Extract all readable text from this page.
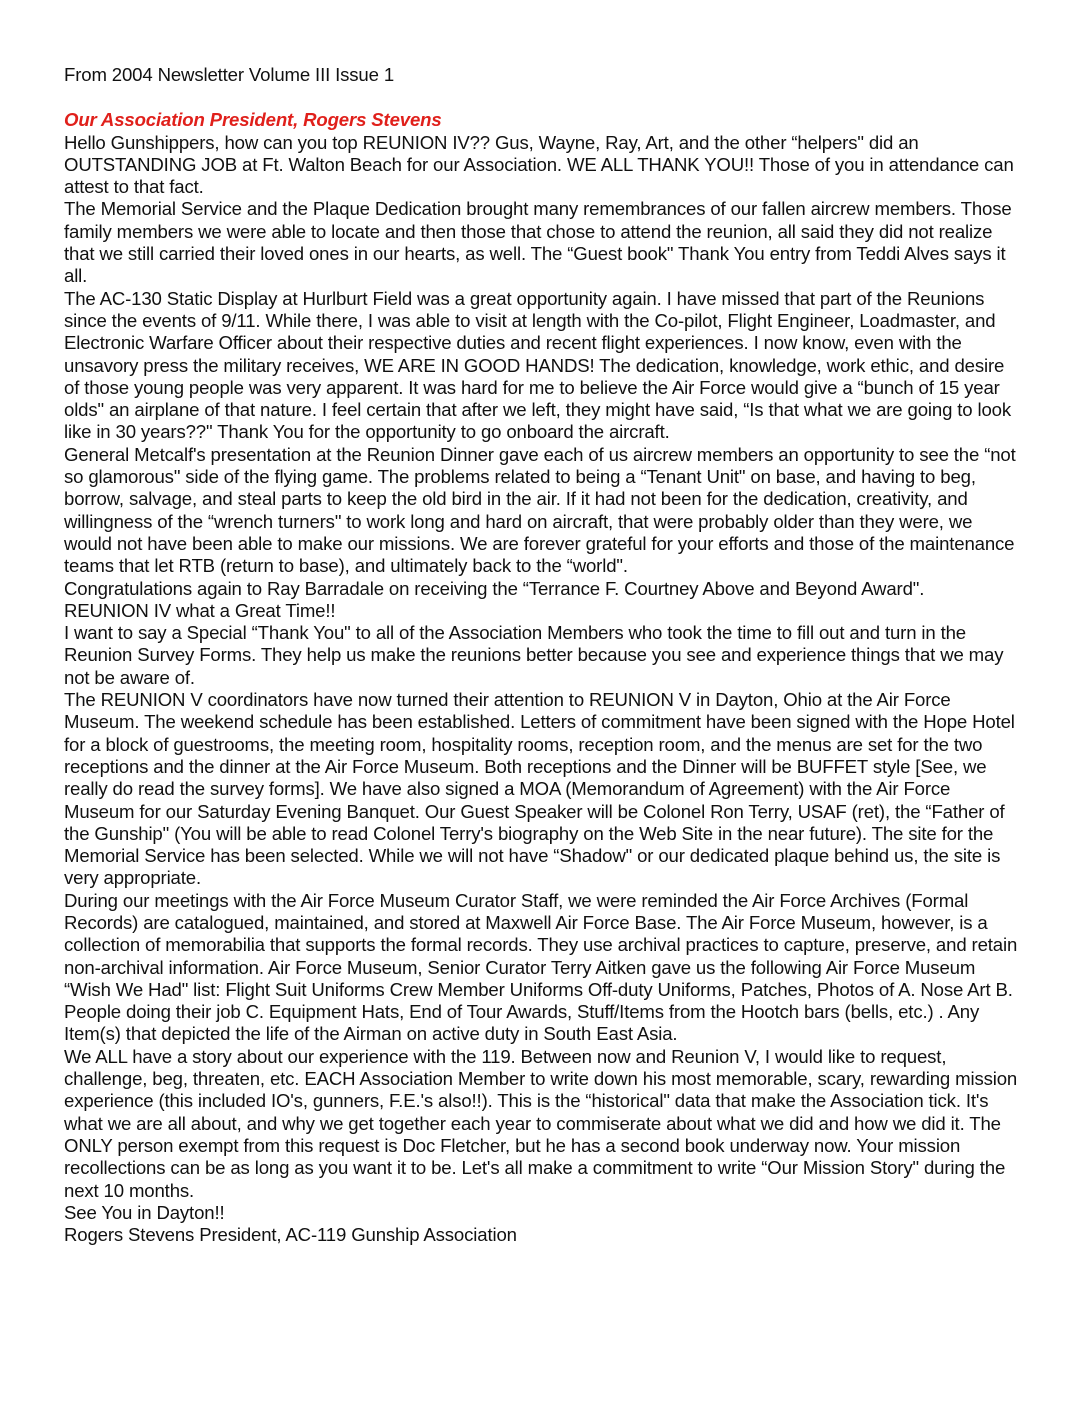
From 2004 Newsletter Volume III Issue 1

Our Association President, Rogers Stevens

Hello Gunshippers, how can you top REUNION IV?? Gus, Wayne, Ray, Art, and the other “helpers" did an OUTSTANDING JOB at Ft. Walton Beach for our Association. WE ALL THANK YOU!! Those of you in attendance can attest to that fact.

The Memorial Service and the Plaque Dedication brought many remembrances of our fallen aircrew members. Those family members we were able to locate and then those that chose to attend the reunion, all said they did not realize that we still carried their loved ones in our hearts, as well. The “Guest book" Thank You entry from Teddi Alves says it all.

The AC-130 Static Display at Hurlburt Field was a great opportunity again. I have missed that part of the Reunions since the events of 9/11. While there, I was able to visit at length with the Co-pilot, Flight Engineer, Loadmaster, and Electronic Warfare Officer about their respective duties and recent flight experiences. I now know, even with the unsavory press the military receives, WE ARE IN GOOD HANDS! The dedication, knowledge, work ethic, and desire of those young people was very apparent. It was hard for me to believe the Air Force would give a “bunch of 15 year olds" an airplane of that nature. I feel certain that after we left, they might have said, “Is that what we are going to look like in 30 years??" Thank You for the opportunity to go onboard the aircraft.

General Metcalf's presentation at the Reunion Dinner gave each of us aircrew members an opportunity to see the “not so glamorous" side of the flying game. The problems related to being a “Tenant Unit" on base, and having to beg, borrow, salvage, and steal parts to keep the old bird in the air. If it had not been for the dedication, creativity, and willingness of the “wrench turners" to work long and hard on aircraft, that were probably older than they were, we would not have been able to make our missions. We are forever grateful for your efforts and those of the maintenance teams that let RTB (return to base), and ultimately back to the “world".

Congratulations again to Ray Barradale on receiving the “Terrance F. Courtney Above and Beyond Award".

REUNION IV what a Great Time!!

I want to say a Special “Thank You" to all of the Association Members who took the time to fill out and turn in the Reunion Survey Forms. They help us make the reunions better because you see and experience things that we may not be aware of.

The REUNION V coordinators have now turned their attention to REUNION V in Dayton, Ohio at the Air Force Museum. The weekend schedule has been established. Letters of commitment have been signed with the Hope Hotel for a block of guestrooms, the meeting room, hospitality rooms, reception room, and the menus are set for the two receptions and the dinner at the Air Force Museum. Both receptions and the Dinner will be BUFFET style [See, we really do read the survey forms]. We have also signed a MOA (Memorandum of Agreement) with the Air Force Museum for our Saturday Evening Banquet. Our Guest Speaker will be Colonel Ron Terry, USAF (ret), the “Father of the Gunship" (You will be able to read Colonel Terry's biography on the Web Site in the near future). The site for the Memorial Service has been selected. While we will not have “Shadow" or our dedicated plaque behind us, the site is very appropriate.

During our meetings with the Air Force Museum Curator Staff, we were reminded the Air Force Archives (Formal Records) are catalogued, maintained, and stored at Maxwell Air Force Base. The Air Force Museum, however, is a collection of memorabilia that supports the formal records. They use archival practices to capture, preserve, and retain non-archival information. Air Force Museum, Senior Curator Terry Aitken gave us the following Air Force Museum “Wish We Had" list: Flight Suit Uniforms Crew Member Uniforms Off-duty Uniforms, Patches, Photos of A. Nose Art B. People doing their job C. Equipment Hats, End of Tour Awards, Stuff/Items from the Hootch bars (bells, etc.) . Any Item(s) that depicted the life of the Airman on active duty in South East Asia.

We ALL have a story about our experience with the 119. Between now and Reunion V, I would like to request, challenge, beg, threaten, etc. EACH Association Member to write down his most memorable, scary, rewarding mission experience (this included IO's, gunners, F.E.'s also!!). This is the “historical" data that make the Association tick. It's what we are all about, and why we get together each year to commiserate about what we did and how we did it. The ONLY person exempt from this request is Doc Fletcher, but he has a second book underway now. Your mission recollections can be as long as you want it to be. Let's all make a commitment to write “Our Mission Story" during the next 10 months.

See You in Dayton!!

Rogers Stevens President, AC-119 Gunship Association
